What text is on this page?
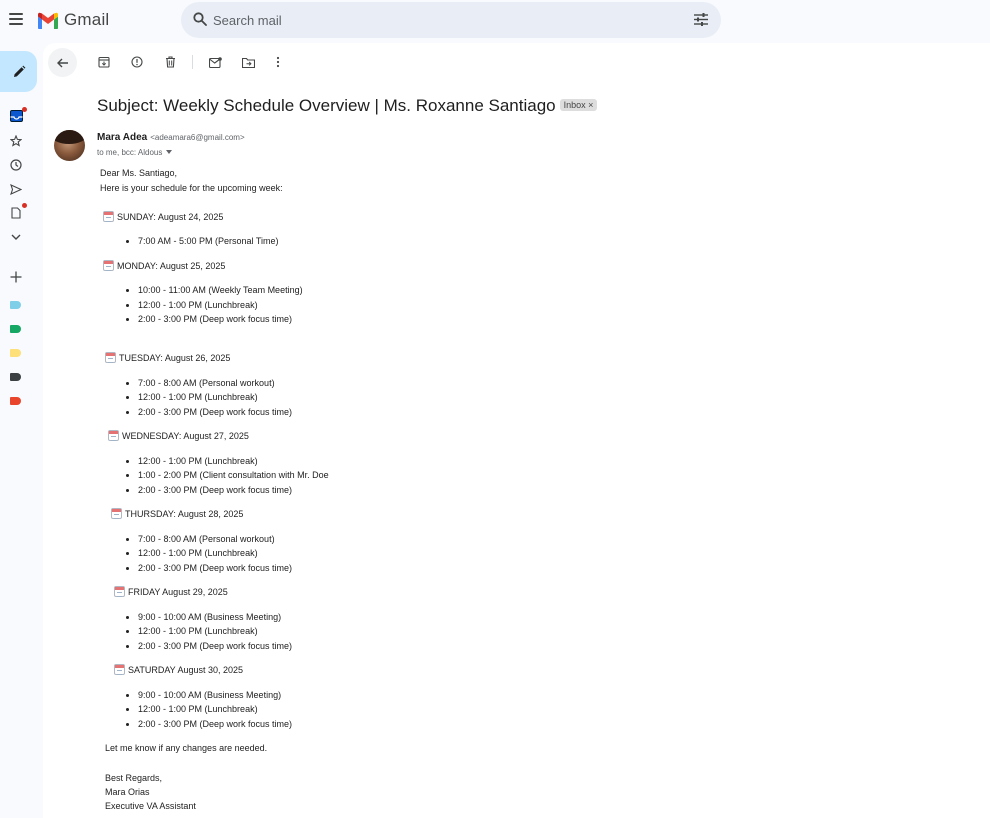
Gmail
Search mail
Subject: Weekly Schedule Overview | Ms. Roxanne Santiago Inbox ×
Mara Adea <adeamara6@gmail.com>
to me, bcc: Aldous
Dear Ms. Santiago,
Here is your schedule for the upcoming week:
SUNDAY: August 24, 2025
7:00 AM - 5:00 PM (Personal Time)
MONDAY: August 25, 2025
10:00 - 11:00 AM (Weekly Team Meeting)
12:00 - 1:00 PM (Lunchbreak)
2:00 - 3:00 PM (Deep work focus time)
TUESDAY: August 26, 2025
7:00 - 8:00 AM (Personal workout)
12:00 - 1:00 PM (Lunchbreak)
2:00 - 3:00 PM (Deep work focus time)
WEDNESDAY: August 27, 2025
12:00 - 1:00 PM (Lunchbreak)
1:00 - 2:00 PM (Client consultation with Mr. Doe
2:00 - 3:00 PM (Deep work focus time)
THURSDAY: August 28, 2025
7:00 - 8:00 AM (Personal workout)
12:00 - 1:00 PM (Lunchbreak)
2:00 - 3:00 PM (Deep work focus time)
FRIDAY August 29, 2025
9:00 - 10:00 AM (Business Meeting)
12:00 - 1:00 PM (Lunchbreak)
2:00 - 3:00 PM (Deep work focus time)
SATURDAY August 30, 2025
9:00 - 10:00 AM (Business Meeting)
12:00 - 1:00 PM (Lunchbreak)
2:00 - 3:00 PM (Deep work focus time)
Let me know if any changes are needed.
Best Regards,
Mara Orias
Executive VA Assistant
